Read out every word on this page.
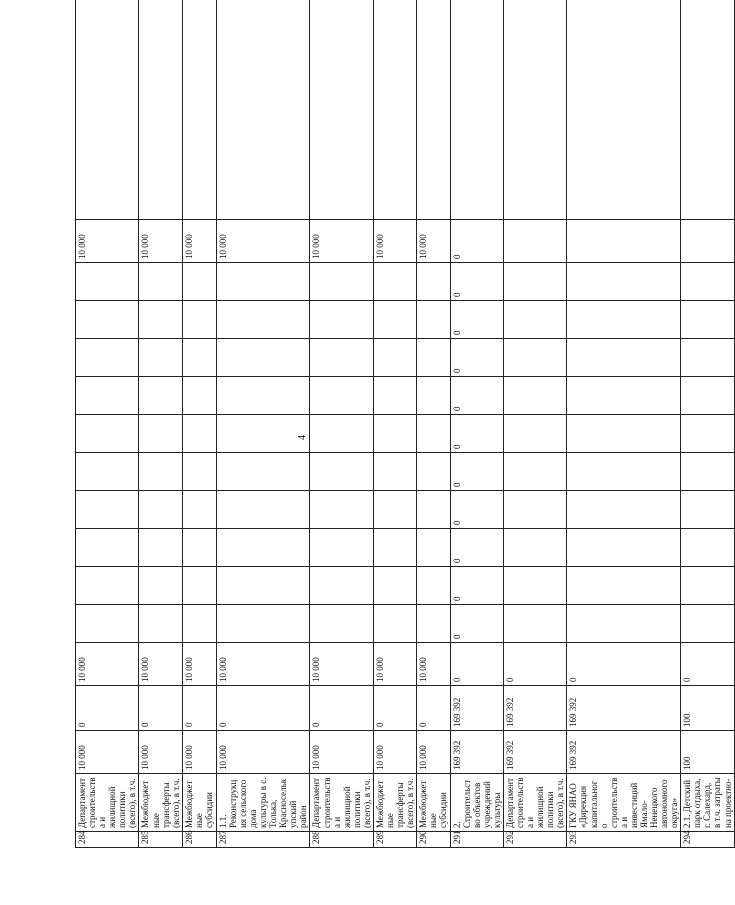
4
284	Департамент строительства и жилищной политики (всего), в т.ч.	10 000	0	10 000											10 000	
285	Межбюджетные трансферты (всего), в т.ч.	10 000	0	10 000											10 000	
286	Межбюджетные субсидии	10 000	0	10 000											10 000	
287	1.1. Реконструкция сельского дома культуры в с. Толька, Красноселькупский район	10 000	0	10 000											10 000	
288	Департамент строительства и жилищной политики (всего), в т.ч.	10 000	0	10 000											10 000	
289	Межбюджетные трансферты (всего), в т.ч.	10 000	0	10 000											10 000	
290	Межбюджетные субсидии	10 000	0	10 000											10 000	
291	2. Строительство объектов учреждений культуры	169 392	169 392	0	0	0	0	0	0	0	0	0	0	0	0	
292	Департамент строительства и жилищной политики (всего), в т.ч.	169 392	169 392	0												
293	ГКУ ЯНАО «Дирекция капитального строительства и инвестиций Ямало-Ненецкого автономного округа»	169 392	169 392	0												
294	2.1. Детский парк отдыха, г. Салехард, в т.ч. затраты на проектно-	100	100	0												
